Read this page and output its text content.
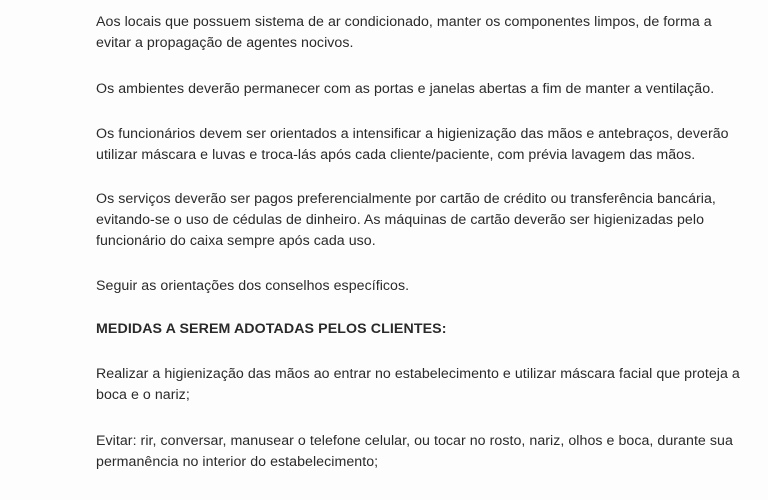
Aos locais que possuem sistema de ar condicionado, manter os componentes limpos, de forma a
evitar a propagação de agentes nocivos.

Os ambientes deverão permanecer com as portas e janelas abertas a fim de manter a ventilação.

Os funcionários devem ser orientados a intensificar a higienização das mãos e antebraços, deverão
utilizar máscara e luvas e troca-lás após cada cliente/paciente, com prévia lavagem das mãos.

Os serviços deverão ser pagos preferencialmente por cartão de crédito ou transferência bancária,
evitando-se o uso de cédulas de dinheiro. As máquinas de cartão deverão ser higienizadas pelo
funcionário do caixa sempre após cada uso.

Seguir as orientações dos conselhos específicos.

MEDIDAS A SEREM ADOTADAS PELOS CLIENTES:

Realizar a higienização das mãos ao entrar no estabelecimento e utilizar máscara facial que proteja a
boca e o nariz;

Evitar: rir, conversar, manusear o telefone celular, ou tocar no rosto, nariz, olhos e boca, durante sua
permanência no interior do estabelecimento;
